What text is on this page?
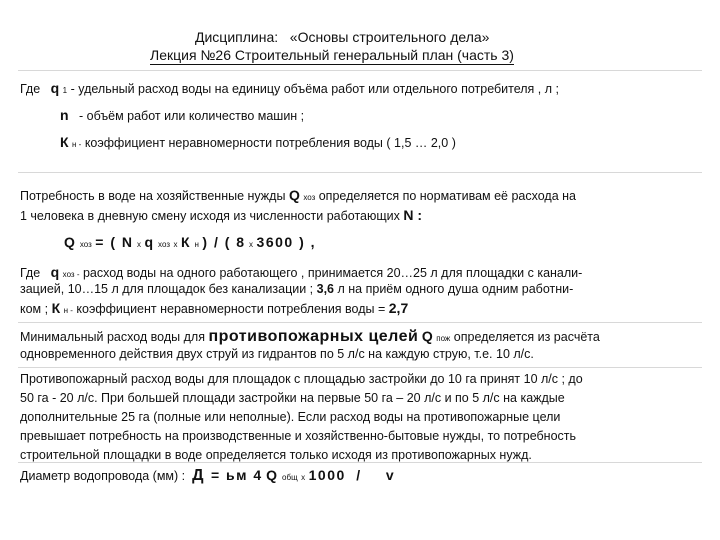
Дисциплина: «Основы строительного дела»
Лекция №26 Строительный генеральный план (часть 3)
Где q 1 - удельный расход воды на единицу объёма работ или отдельного потребителя , л ;
n - объём работ или количество машин ;
К н - коэффициент неравномерности потребления воды ( 1,5 … 2,0 )
Потребность в воде на хозяйственные нужды Q хоз определяется по нормативам её расхода на
1 человека в дневную смену исходя из численности работающих N :
Q хоз = ( N х q хоз х К н ) / ( 8 х 3600 ) ,
Где q хоз - расход воды на одного работающего , принимается 20…25 л для площадки с канали-
зацией, 10…15 л для площадок без канализации ; 3,6 л на приём одного душа одним работни-
ком ; К н - коэффициент неравномерности потребления воды = 2,7
Минимальный расход воды для противопожарных целей Q пож определяется из расчёта
одновременного действия двух струй из гидрантов по 5 л/с на каждую струю, т.е. 10 л/с.
Противопожарный расход воды для площадок с площадью застройки до 10 га принят 10 л/с ; до
50 га - 20 л/с. При большей площади застройки на первые 50 га – 20 л/с и по 5 л/с на каждые
дополнительные 25 га (полные или неполные). Если расход воды на противопожарные цели
превышает потребность на производственные и хозяйственно-бытовые нужды, то потребность
строительной площадки в воде определяется только исходя из противопожарных нужд.
Диаметр водопровода (мм) : Д = ьм 4 Q общ х 1000 / v
